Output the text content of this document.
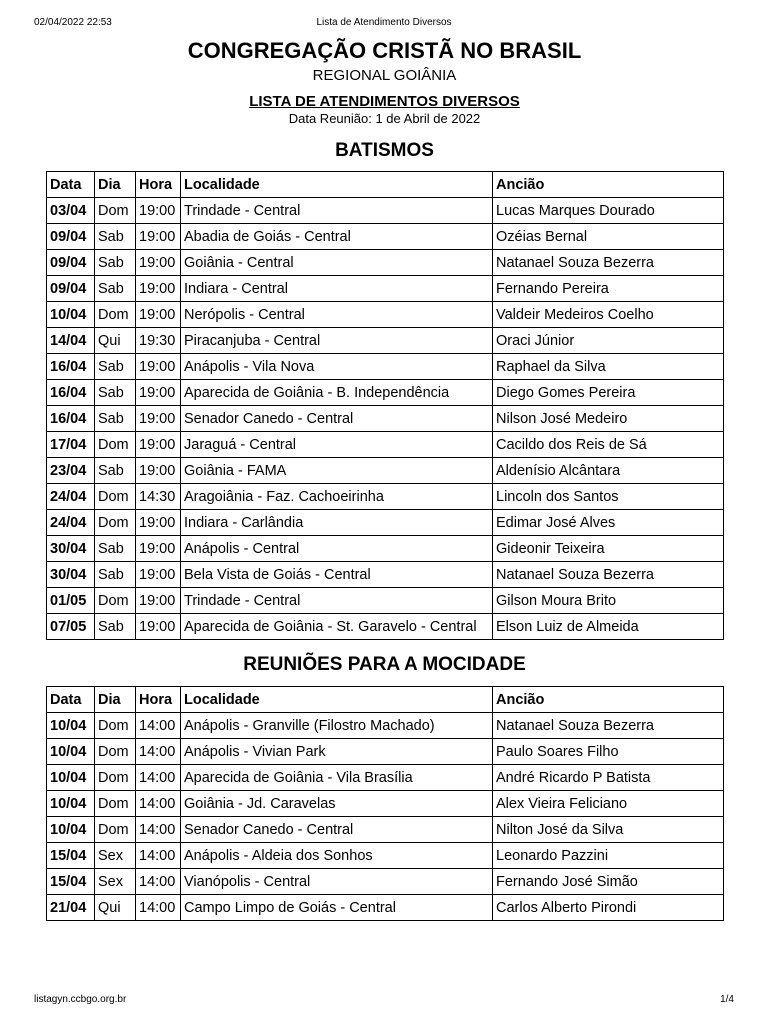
02/04/2022 22:53	Lista de Atendimento Diversos
CONGREGAÇÃO CRISTÃ NO BRASIL

REGIONAL GOIÂNIA

LISTA DE ATENDIMENTOS DIVERSOS
Data Reunião: 1 de Abril de 2022
BATISMOS
Data	Dia	Hora	Localidade	Ancião
03/04	Dom	19:00	Trindade - Central	Lucas Marques Dourado
09/04	Sab	19:00	Abadia de Goiás - Central	Ozéias Bernal
09/04	Sab	19:00	Goiânia - Central	Natanael Souza Bezerra
09/04	Sab	19:00	Indiara - Central	Fernando Pereira
10/04	Dom	19:00	Nerópolis - Central	Valdeir Medeiros Coelho
14/04	Qui	19:30	Piracanjuba - Central	Oraci Júnior
16/04	Sab	19:00	Anápolis - Vila Nova	Raphael da Silva
16/04	Sab	19:00	Aparecida de Goiânia - B. Independência	Diego Gomes Pereira
16/04	Sab	19:00	Senador Canedo - Central	Nilson José Medeiro
17/04	Dom	19:00	Jaraguá - Central	Cacildo dos Reis de Sá
23/04	Sab	19:00	Goiânia - FAMA	Aldenísio Alcântara
24/04	Dom	14:30	Aragoiânia - Faz. Cachoeirinha	Lincoln dos Santos
24/04	Dom	19:00	Indiara - Carlândia	Edimar José Alves
30/04	Sab	19:00	Anápolis - Central	Gideonir Teixeira
30/04	Sab	19:00	Bela Vista de Goiás - Central	Natanael Souza Bezerra
01/05	Dom	19:00	Trindade - Central	Gilson Moura Brito
07/05	Sab	19:00	Aparecida de Goiânia - St. Garavelo - Central	Elson Luiz de Almeida
REUNIÕES PARA A MOCIDADE
Data	Dia	Hora	Localidade	Ancião
10/04	Dom	14:00	Anápolis - Granville (Filostro Machado)	Natanael Souza Bezerra
10/04	Dom	14:00	Anápolis - Vivian Park	Paulo Soares Filho
10/04	Dom	14:00	Aparecida de Goiânia - Vila Brasília	André Ricardo P Batista
10/04	Dom	14:00	Goiânia - Jd. Caravelas	Alex Vieira Feliciano
10/04	Dom	14:00	Senador Canedo - Central	Nilton José da Silva
15/04	Sex	14:00	Anápolis - Aldeia dos Sonhos	Leonardo Pazzini
15/04	Sex	14:00	Vianópolis - Central	Fernando José Simão
21/04	Qui	14:00	Campo Limpo de Goiás - Central	Carlos Alberto Pirondi
listagyn.ccbgo.org.br	1/4
